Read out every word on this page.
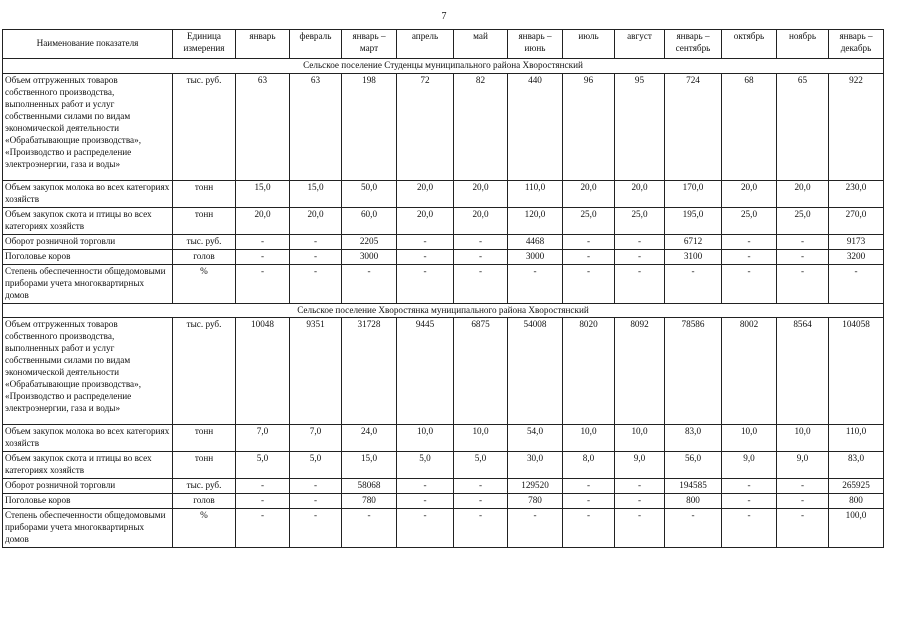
7
Наименование показателя	Единица измерения	январь	февраль	январь – март	апрель	май	январь – июнь	июль	август	январь – сентябрь	октябрь	ноябрь	январь – декабрь
Сельское поселение Студенцы муниципального района Хворостянский													
Объем отгруженных товаров собственного производства, выполненных работ и услуг собственными силами по видам экономической деятельности «Обрабатывающие производства», «Производство и распределение электроэнергии, газа и воды»	тыс. руб.	63	63	198	72	82	440	96	95	724	68	65	922
Объем закупок молока во всех категориях хозяйств	тонн	15,0	15,0	50,0	20,0	20,0	110,0	20,0	20,0	170,0	20,0	20,0	230,0
Объем закупок скота и птицы во всех категориях хозяйств	тонн	20,0	20,0	60,0	20,0	20,0	120,0	25,0	25,0	195,0	25,0	25,0	270,0
Оборот розничной торговли	тыс. руб.	-	-	2205	-	-	4468	-	-	6712	-	-	9173
Поголовье коров	голов	-	-	3000	-	-	3000	-	-	3100	-	-	3200
Степень обеспеченности общедомовыми приборами учета многоквартирных домов	%	-	-	-	-	-	-	-	-	-	-	-	-
Сельское поселение Хворостянка муниципального района Хворостянский													
Объем отгруженных товаров собственного производства, выполненных работ и услуг собственными силами по видам экономической деятельности «Обрабатывающие производства», «Производство и распределение электроэнергии, газа и воды»	тыс. руб.	10048	9351	31728	9445	6875	54008	8020	8092	78586	8002	8564	104058
Объем закупок молока во всех категориях хозяйств	тонн	7,0	7,0	24,0	10,0	10,0	54,0	10,0	10,0	83,0	10,0	10,0	110,0
Объем закупок скота и птицы во всех категориях хозяйств	тонн	5,0	5,0	15,0	5,0	5,0	30,0	8,0	9,0	56,0	9,0	9,0	83,0
Оборот розничной торговли	тыс. руб.	-	-	58068	-	-	129520	-	-	194585	-	-	265925
Поголовье коров	голов	-	-	780	-	-	780	-	-	800	-	-	800
Степень обеспеченности общедомовыми приборами учета многоквартирных домов	%	-	-	-	-	-	-	-	-	-	-	-	100,0
